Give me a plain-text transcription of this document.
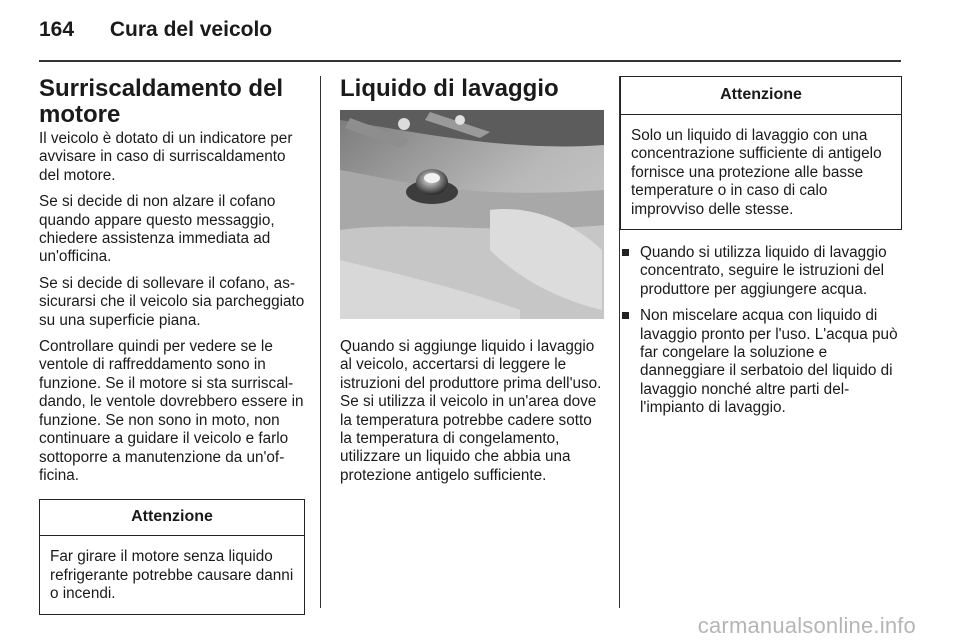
164 Cura del veicolo
Surriscaldamento del motore

Il veicolo è dotato di un indicatore per avvisare in caso di surriscaldamento del motore.

Se si decide di non alzare il cofano quando appare questo messaggio, chiedere assistenza immediata ad un'officina.

Se si decide di sollevare il cofano, assicurarsi che il veicolo sia parcheggiato su una superficie piana.

Controllare quindi per vedere se le ventole di raffreddamento sono in funzione. Se il motore si sta surriscaldando, le ventole dovrebbero essere in funzione. Se non sono in moto, non continuare a guidare il veicolo e farlo sottoporre a manutenzione da un'officina.

Attenzione
Far girare il motore senza liquido refrigerante potrebbe causare danni o incendi.
Liquido di lavaggio

Quando si aggiunge liquido i lavaggio al veicolo, accertarsi di leggere le istruzioni del produttore prima dell'uso. Se si utilizza il veicolo in un'area dove la temperatura potrebbe cadere sotto la temperatura di congelamento, utilizzare un liquido che abbia una protezione antigelo sufficiente.

Attenzione
Solo un liquido di lavaggio con una concentrazione sufficiente di antigelo fornisce una protezione alle basse temperature o in caso di calo improvviso delle stesse.
Quando si utilizza liquido di lavaggio concentrato, seguire le istruzioni del produttore per aggiungere acqua.
Non miscelare acqua con liquido di lavaggio pronto per l'uso. L'acqua può far congelare la soluzione e danneggiare il serbatoio del liquido di lavaggio nonché altre parti dell'impianto di lavaggio.
carmanualsonline.info
